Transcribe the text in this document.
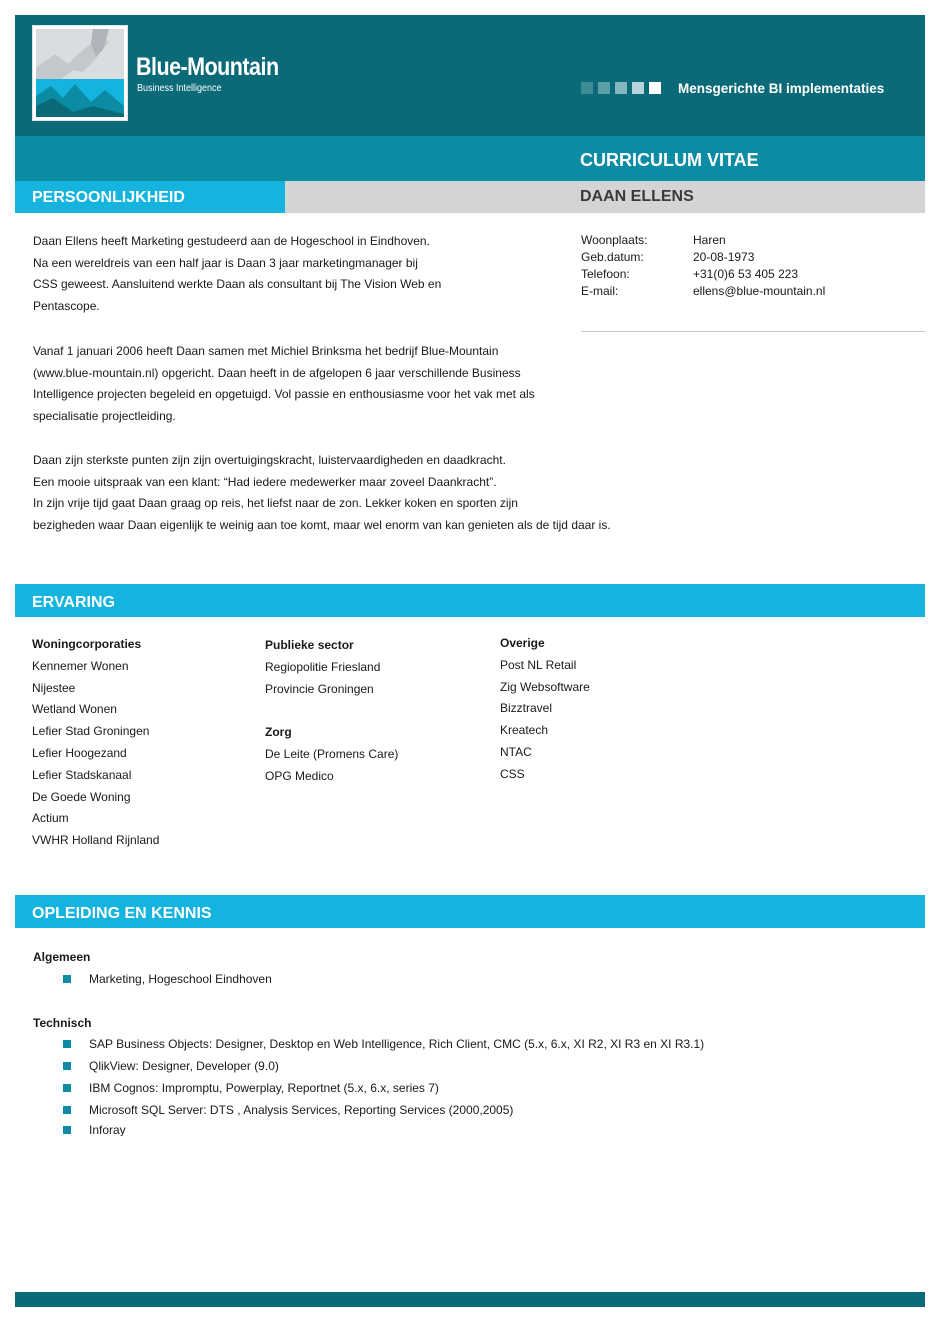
Blue-Mountain
Business Intelligence	Mensgerichte BI implementaties
CURRICULUM VITAE
PERSOONLIJKHEID	DAAN ELLENS
Daan Ellens heeft Marketing gestudeerd aan de Hogeschool in Eindhoven.
Na een wereldreis van een half jaar is Daan 3 jaar marketingmanager bij
CSS geweest. Aansluitend werkte Daan als consultant bij The Vision Web en
Pentascope.
Vanaf 1 januari 2006 heeft Daan samen met Michiel Brinksma het bedrijf Blue-Mountain
(www.blue-mountain.nl) opgericht. Daan heeft in de afgelopen 6 jaar verschillende Business
Intelligence projecten begeleid en opgetuigd. Vol passie en enthousiasme voor het vak met als
specialisatie projectleiding.
Daan zijn sterkste punten zijn zijn overtuigingskracht, luistervaardigheden en daadkracht.
Een mooie uitspraak van een klant: “Had iedere medewerker maar zoveel Daankracht”.
In zijn vrije tijd gaat Daan graag op reis, het liefst naar de zon. Lekker koken en sporten zijn
bezigheden waar Daan eigenlijk te weinig aan toe komt, maar wel enorm van kan genieten als de tijd daar is.
Woonplaats:	Haren
Geb.datum:	20-08-1973
Telefoon:	+31(0)6 53 405 223
E-mail:	ellens@blue-mountain.nl
ERVARING
Woningcorporaties
Kennemer Wonen
Nijestee
Wetland Wonen
Lefier Stad Groningen
Lefier Hoogezand
Lefier Stadskanaal
De Goede Woning
Actium
VWHR Holland Rijnland
Publieke sector
Regiopolitie Friesland
Provincie Groningen
Zorg
De Leite (Promens Care)
OPG Medico
Overige
Post NL Retail
Zig Websoftware
Bizztravel
Kreatech
NTAC
CSS
OPLEIDING EN KENNIS
Algemeen
Marketing, Hogeschool Eindhoven
Technisch
SAP Business Objects: Designer, Desktop en Web Intelligence, Rich Client, CMC (5.x, 6.x, XI R2, XI R3 en XI R3.1)
QlikView: Designer, Developer (9.0)
IBM Cognos: Impromptu, Powerplay, Reportnet (5.x, 6.x, series 7)
Microsoft SQL Server: DTS , Analysis Services, Reporting Services (2000,2005)
Inforay
